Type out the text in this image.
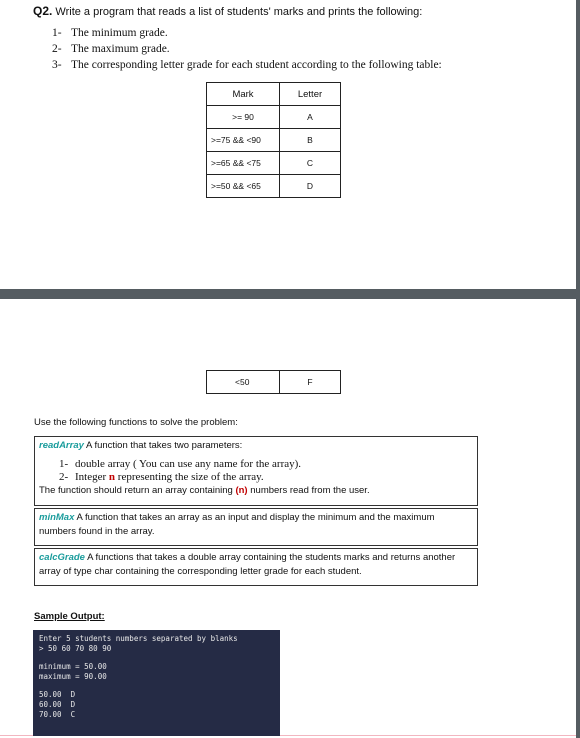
Q2. Write a program that reads a list of students' marks and prints the following:
1- The minimum grade.
2- The maximum grade.
3- The corresponding letter grade for each student according to the following table:
Mark	Letter
>= 90	A
>=75 && <90	B
>=65 && <75	C
>=50 && <65	D
<50	F
Use the following functions to solve the problem:
readArray A function that takes two parameters:
1- double array ( You can use any name for the array).
2- Integer n representing the size of the array.
The function should return an array containing (n) numbers read from the user.
minMax A function that takes an array as an input and display the minimum and the maximum numbers found in the array.
calcGrade A functions that takes a double array containing the students marks and returns another array of type char containing the corresponding letter grade for each student.
Sample Output:
Enter 5 students numbers separated by blanks
> 50 60 70 80 90
minimum = 50.00
maximum = 90.00
50.00  D
60.00  D
70.00  C
